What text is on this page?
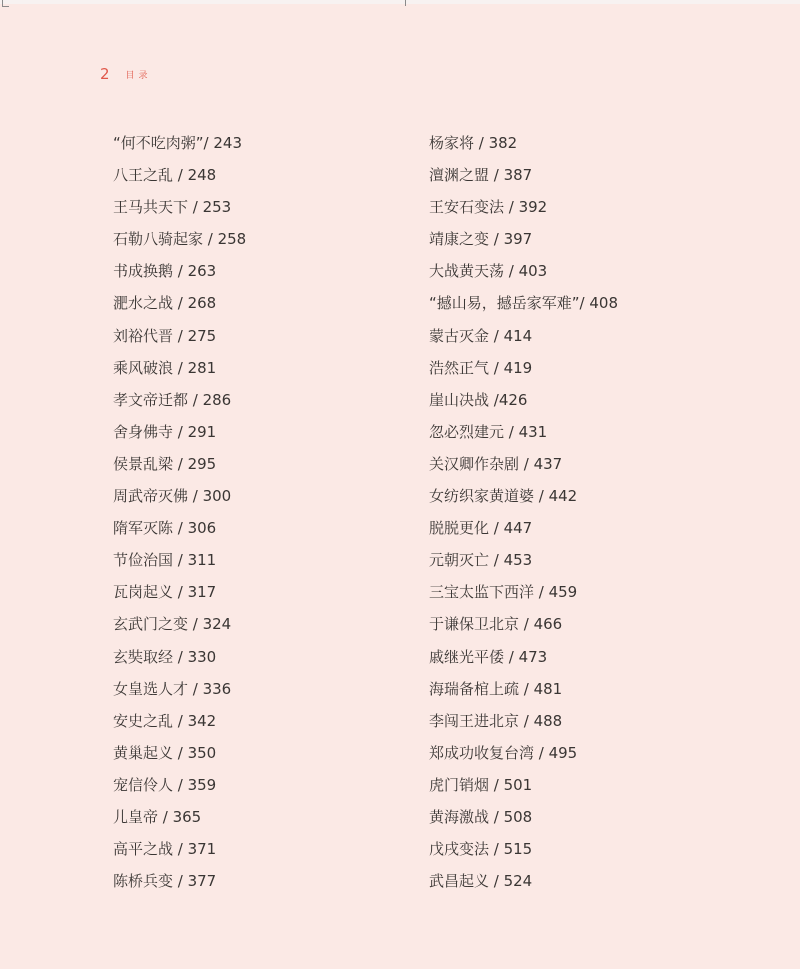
2 目录
“何不吃肉粥”/ 243
八王之乱 / 248
王马共天下 / 253
石勒八骑起家 / 258
书成换鹅 / 263
淝水之战 / 268
刘裕代晋 / 275
乘风破浪 / 281
孝文帝迁都 / 286
舍身佛寺 / 291
侯景乱梁 / 295
周武帝灭佛 / 300
隋军灭陈 / 306
节俭治国 / 311
瓦岗起义 / 317
玄武门之变 / 324
玄奘取经 / 330
女皇选人才 / 336
安史之乱 / 342
黄巢起义 / 350
宠信伶人 / 359
儿皇帝 / 365
高平之战 / 371
陈桥兵变 / 377
杨家将 / 382
澶渊之盟 / 387
王安石变法 / 392
靖康之变 / 397
大战黄天荡 / 403
“撼山易，撼岳家军难”/ 408
蒙古灭金 / 414
浩然正气 / 419
崖山决战 /426
忽必烈建元 / 431
关汉卿作杂剧 / 437
女纺织家黄道婆 / 442
脱脱更化 / 447
元朝灭亡 / 453
三宝太监下西洋 / 459
于谦保卫北京 / 466
戚继光平倭 / 473
海瑞备棺上疏 / 481
李闯王进北京 / 488
郑成功收复台湾 / 495
虎门销烟 / 501
黄海激战 / 508
戊戌变法 / 515
武昌起义 / 524
